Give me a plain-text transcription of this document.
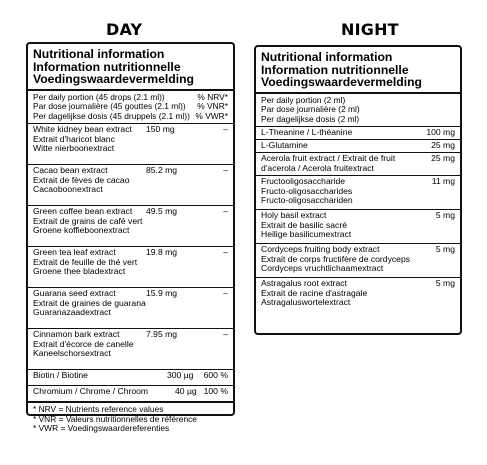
DAY	NIGHT
Nutritional information
Information nutritionnelle
Voedingswaardevermelding
Per daily portion (45 drops (2.1 ml))	% NRV*
Par dose journalière (45 gouttes (2.1 ml)) % VNR*
Per dagelijkse dosis (45 druppels (2.1 ml)) % VWR*
White kidney bean extract
Extrait d'haricot blanc
Witte nierboonextract
150 mg	–
Cacao bean extract
Extrait de fèves de cacao
Cacaoboonextract
85.2 mg	–
Green coffee bean extract
Extrait de grains de café vert
Groene koffieboonextract
49.5 mg	–
Green tea leaf extract
Extrait de feuille de thé vert
Groene thee bladextract
19.8 mg	–
Guarana seed extract
Extrait de graines de guarana
Guaranazaadextract
15.9 mg	–
Cinnamon bark extract
Extrait d'écorce de canelle
Kaneelschorsextract
7.95 mg	–
Biotin / Biotine	300 µg 600 %
Chromium / Chrome / Chroom	40 µg 100 %
* NRV = Nutrients reference values
* VNR = Valeurs nutritionnelles de référence
* VWR = Voedingswaardereferenties
Nutritional information
Information nutritionnelle
Voedingswaardevermelding
Per daily portion (2 ml)
Par dose journalière (2 ml)
Per dagelijkse dosis (2 ml)
L-Theanine / L-théanine	100 mg
L-Glutamine	25 mg
Acerola fruit extract / Extrait de fruit
d'acerola / Acerola fruitextract
25 mg
Fructooligosaccharide
Fructo-oligosaccharides
Fructo-oligosacchariden
11 mg
Holy basil extract
Extrait de basilic sacré
Heilige basilicumextract
5 mg
Cordyceps fruiting body extract
Extrait de corps fructifère de cordyceps
Cordyceps vruchtlichaamextract
5 mg
Astragalus root extract
Extrait de racine d'astragale
Astragaluswortelextract
5 mg
